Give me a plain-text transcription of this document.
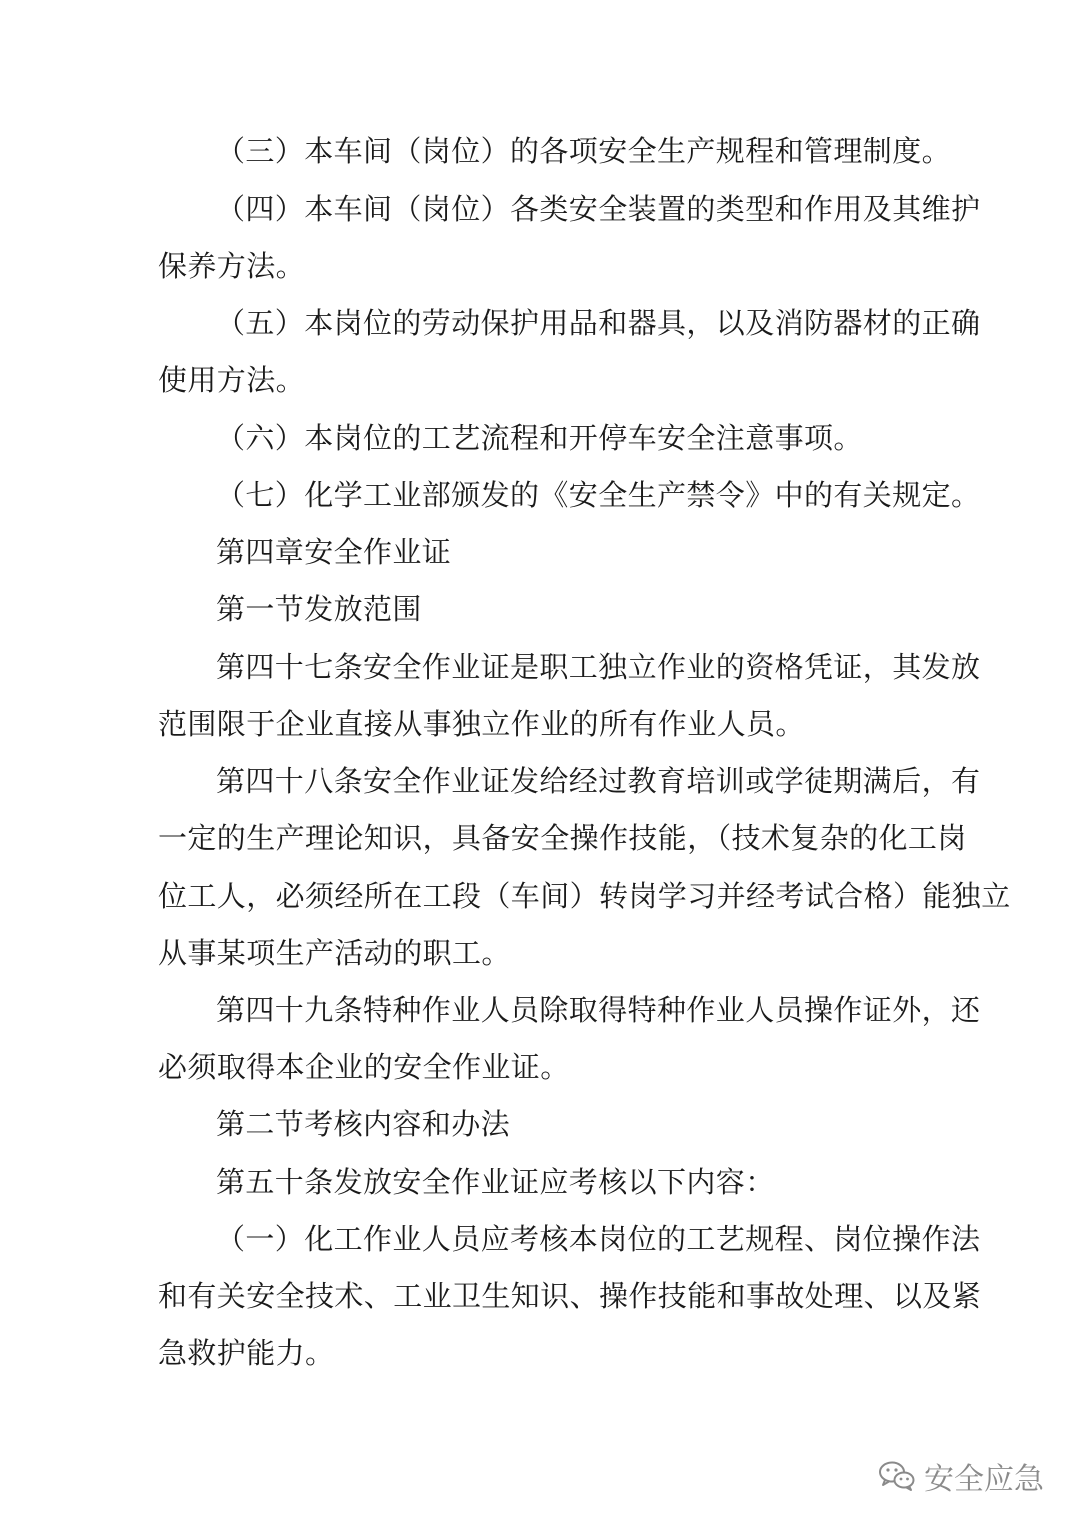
（三）本车间（岗位）的各项安全生产规程和管理制度。
（四）本车间（岗位）各类安全装置的类型和作用及其维护
保养方法。
（五）本岗位的劳动保护用品和器具，以及消防器材的正确
使用方法。
（六）本岗位的工艺流程和开停车安全注意事项。
（七）化学工业部颁发的《安全生产禁令》中的有关规定。
第四章安全作业证
第一节发放范围
第四十七条安全作业证是职工独立作业的资格凭证，其发放
范围限于企业直接从事独立作业的所有作业人员。
第四十八条安全作业证发给经过教育培训或学徒期满后，有
一定的生产理论知识，具备安全操作技能，（技术复杂的化工岗
位工人，必须经所在工段（车间）转岗学习并经考试合格）能独立
从事某项生产活动的职工。
第四十九条特种作业人员除取得特种作业人员操作证外，还
必须取得本企业的安全作业证。
第二节考核内容和办法
第五十条发放安全作业证应考核以下内容：
（一）化工作业人员应考核本岗位的工艺规程、岗位操作法
和有关安全技术、工业卫生知识、操作技能和事故处理、以及紧
急救护能力。
安全应急
